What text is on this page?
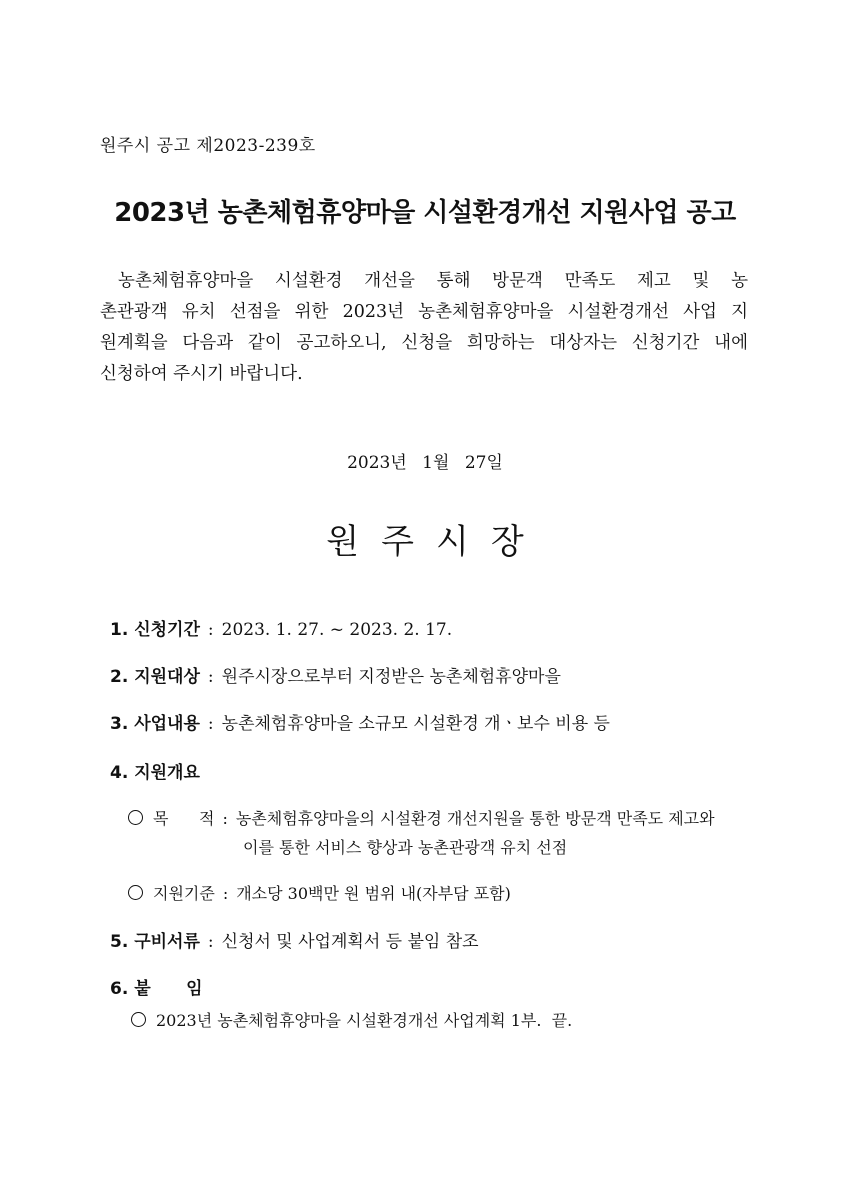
원주시 공고 제2023-239호
2023년 농촌체험휴양마을 시설환경개선 지원사업 공고
농촌체험휴양마을 시설환경 개선을 통해 방문객 만족도 제고 및 농
촌관광객 유치 선점을 위한 2023년 농촌체험휴양마을 시설환경개선 사업 지
원계획을 다음과 같이 공고하오니, 신청을 희망하는 대상자는 신청기간 내에
신청하여 주시기 바랍니다.
2023년 1월 27일
원주시장
1. 신청기간 : 2023. 1. 27. ~ 2023. 2. 17.
2. 지원대상 : 원주시장으로부터 지정받은 농촌체험휴양마을
3. 사업내용 : 농촌체험휴양마을 소규모 시설환경 개ㆍ보수 비용 등
4. 지원개요
목      적 : 농촌체험휴양마을의 시설환경 개선지원을 통한 방문객 만족도 제고와
이를 통한 서비스 향상과 농촌관광객 유치 선점
지원기준 : 개소당 30백만 원 범위 내(자부담 포함)
5. 구비서류 : 신청서 및 사업계획서 등 붙임 참조
6. 붙      임
2023년 농촌체험휴양마을 시설환경개선 사업계획 1부.  끝.
